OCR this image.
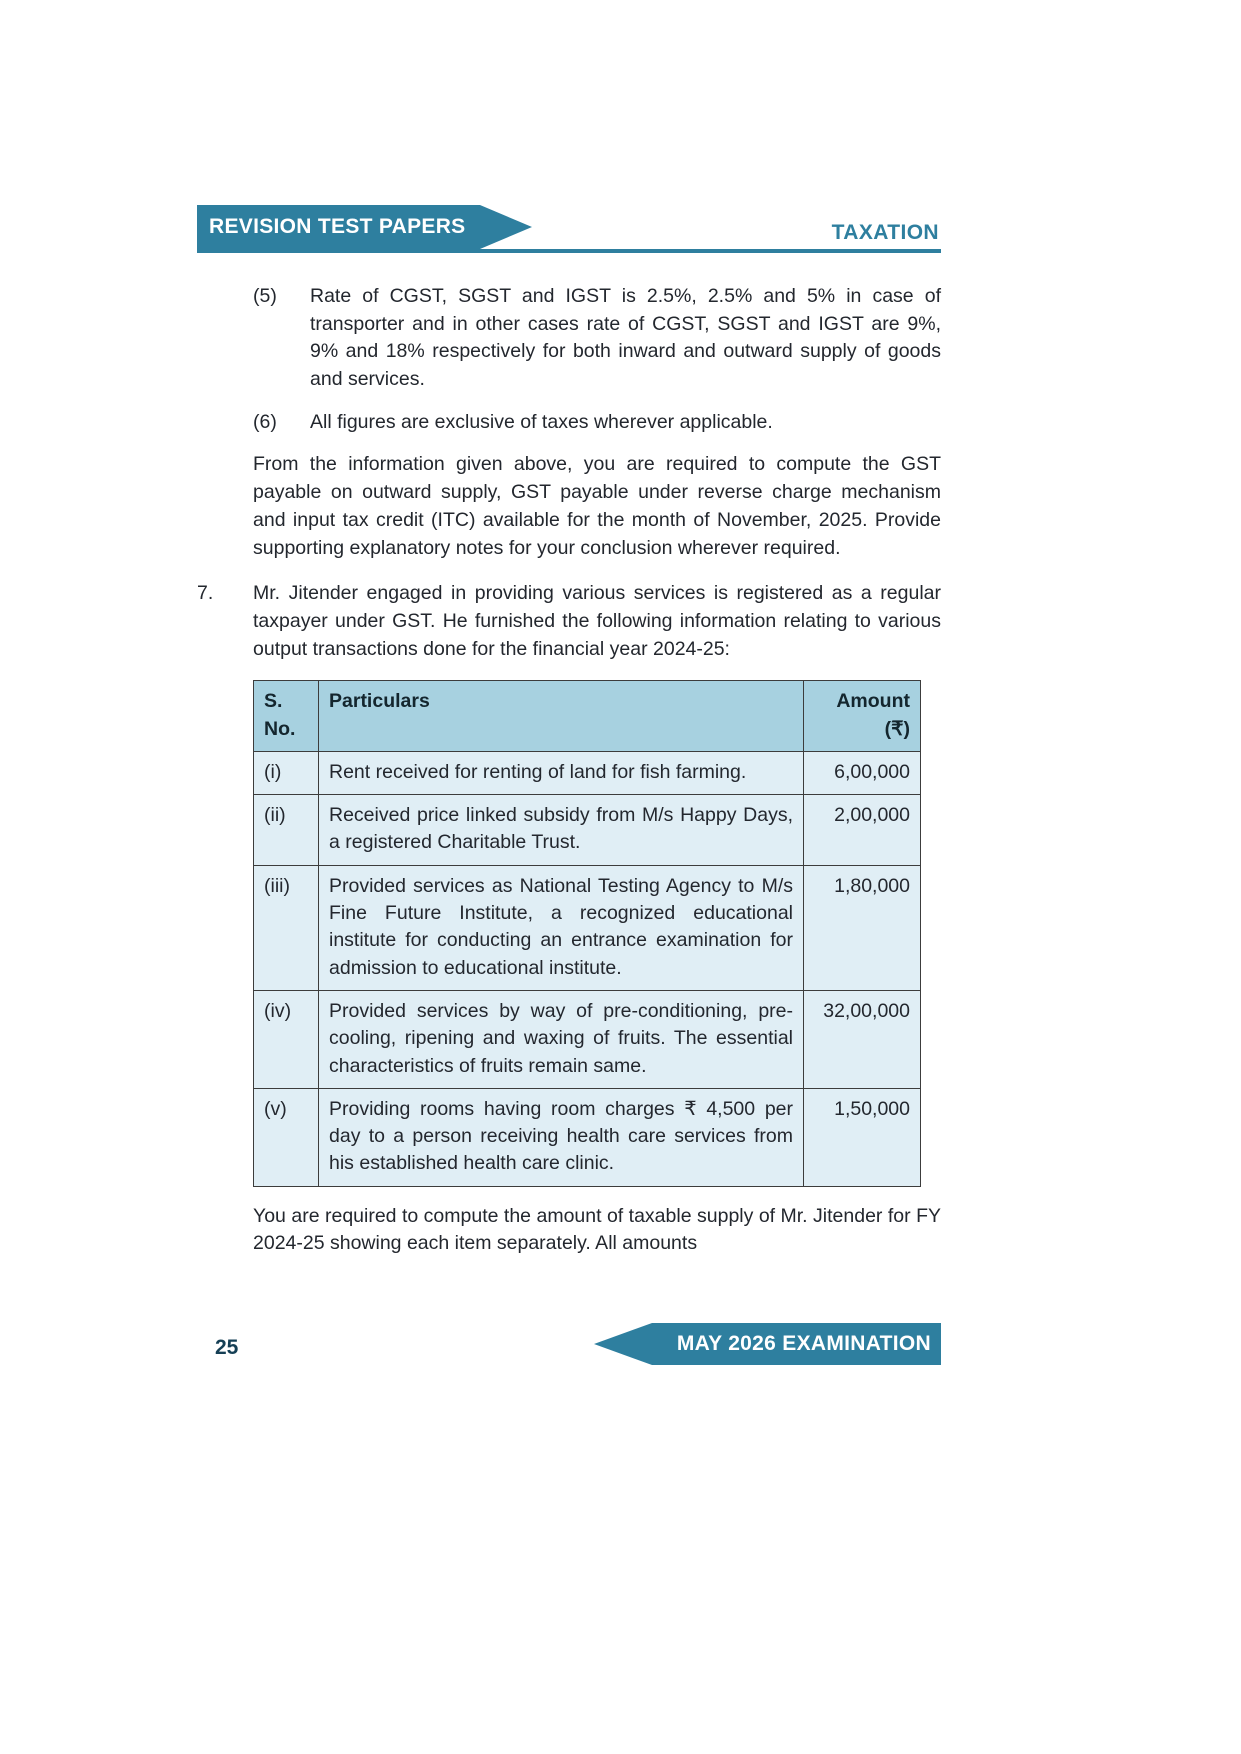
REVISION TEST PAPERS	TAXATION
(5)	Rate of CGST, SGST and IGST is 2.5%, 2.5% and 5% in case of transporter and in other cases rate of CGST, SGST and IGST are 9%, 9% and 18% respectively for both inward and outward supply of goods and services.
(6)	All figures are exclusive of taxes wherever applicable.
From the information given above, you are required to compute the GST payable on outward supply, GST payable under reverse charge mechanism and input tax credit (ITC) available for the month of November, 2025. Provide supporting explanatory notes for your conclusion wherever required.
7.	Mr. Jitender engaged in providing various services is registered as a regular taxpayer under GST. He furnished the following information relating to various output transactions done for the financial year 2024-25:
S. No.	Particulars	Amount (₹)
(i)	Rent received for renting of land for fish farming.	6,00,000
(ii)	Received price linked subsidy from M/s Happy Days, a registered Charitable Trust.	2,00,000
(iii)	Provided services as National Testing Agency to M/s Fine Future Institute, a recognized educational institute for conducting an entrance examination for admission to educational institute.	1,80,000
(iv)	Provided services by way of pre-conditioning, pre-cooling, ripening and waxing of fruits. The essential characteristics of fruits remain same.	32,00,000
(v)	Providing rooms having room charges ₹ 4,500 per day to a person receiving health care services from his established health care clinic.	1,50,000
You are required to compute the amount of taxable supply of Mr. Jitender for FY 2024-25 showing each item separately. All amounts
25	MAY 2026 EXAMINATION
